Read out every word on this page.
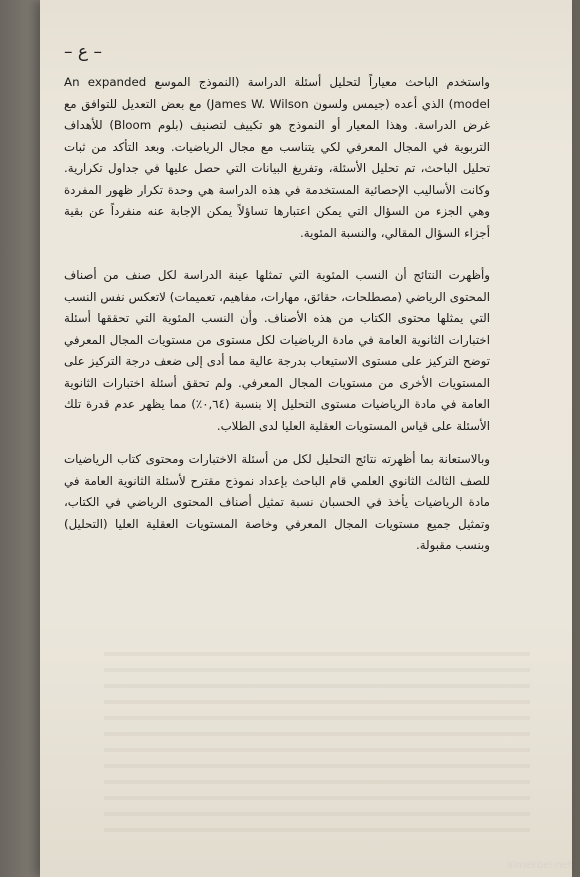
– ع –

واستخدم الباحث معياراً لتحليل أسئلة الدراسة (النموذج الموسع An expanded model) الذي أعده (جيمس ولسون James W. Wilson) مع بعض التعديل للتوافق مع غرض الدراسة. وهذا المعيار أو النموذج هو تكييف لتصنيف (بلوم Bloom) للأهداف التربوية في المجال المعرفي لكي يتناسب مع مجال الرياضيات. وبعد التأكد من ثبات تحليل الباحث، تم تحليل الأسئلة، وتفريغ البيانات التي حصل عليها في جداول تكرارية. وكانت الأساليب الإحصائية المستخدمة في هذه الدراسة هي وحدة تكرار ظهور المفردة وهي الجزء من السؤال التي يمكن اعتبارها تساؤلاً يمكن الإجابة عنه منفرداً عن بقية أجزاء السؤال المقالي، والنسبة المئوية.

وأظهرت النتائج أن النسب المئوية التي تمثلها عينة الدراسة لكل صنف من أصناف المحتوى الرياضي (مصطلحات، حقائق، مهارات، مفاهيم، تعميمات) لاتعكس نفس النسب التي يمثلها محتوى الكتاب من هذه الأصناف. وأن النسب المئوية التي تحققها أسئلة اختبارات الثانوية العامة في مادة الرياضيات لكل مستوى من مستويات المجال المعرفي توضح التركيز على مستوى الاستيعاب بدرجة عالية مما أدى إلى ضعف درجة التركيز على المستويات الأخرى من مستويات المجال المعرفي. ولم تحقق أسئلة اختبارات الثانوية العامة في مادة الرياضيات مستوى التحليل إلا بنسبة (٠,٦٤٪) مما يظهر عدم قدرة تلك الأسئلة على قياس المستويات العقلية العليا لدى الطلاب.

وبالاستعانة بما أظهرته نتائج التحليل لكل من أسئلة الاختبارات ومحتوى كتاب الرياضيات للصف الثالث الثانوي العلمي قام الباحث بإعداد نموذج مقترح لأسئلة الثانوية العامة في مادة الرياضيات يأخذ في الحسبان نسبة تمثيل أصناف المحتوى الرياضي في الكتاب، وتمثيل جميع مستويات المجال المعرفي وخاصة المستويات العقلية العليا (التحليل) وبنسب مقبولة.

almekbel.net
